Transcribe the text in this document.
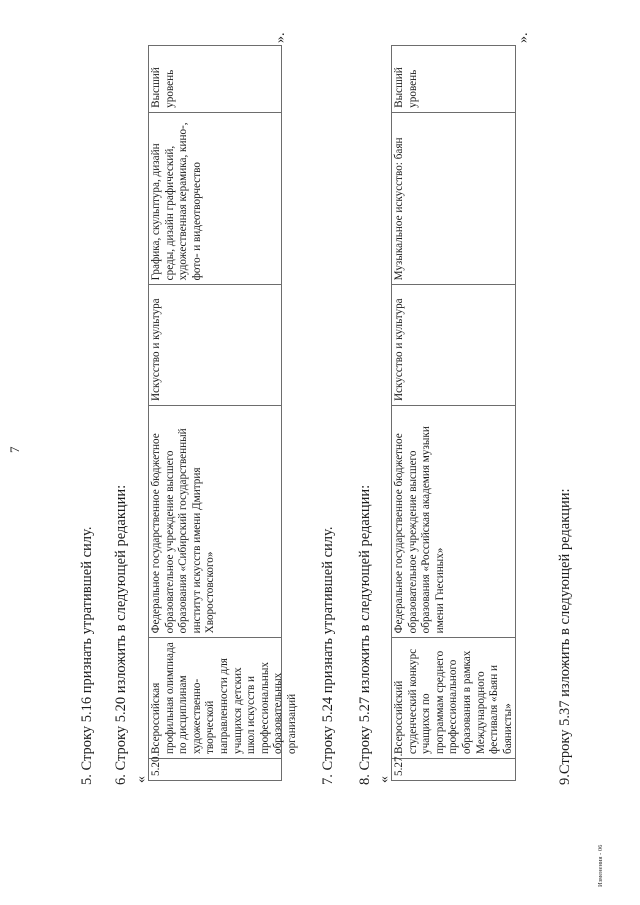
7
5. Строку 5.16 признать утратившей силу. 6. Строку 5.20 изложить в следующей редакции: «
5.20.
Всероссийская профильная олимпиада по дисциплинам художественно-творческой направленности для учащихся детских школ искусств и профессиональных образовательных организаций
Федеральное государственное бюджетное образовательное учреждение высшего образования «Сибирский государственный институт искусств имени Дмитрия Хворостовского»
Искусство и культура
Графика, скульптура, дизайн среды, дизайн графический, художественная керамика, кино-, фото- и видеотворчество
Высший уровень
».
7. Строку 5.24 признать утратившей силу. 8. Строку 5.27 изложить в следующей редакции: «
5.27.
Всероссийский студенческий конкурс учащихся по программам среднего профессионального образования в рамках Международного фестиваля «Баян и баянисты»
Федеральное государственное бюджетное образовательное учреждение высшего образования «Российская академия музыки имени Гнесиных»
Искусство и культура
Музыкальное искусство: баян
Высший уровень
».
9.Строку 5.37 изложить в следующей редакции:
Изменения - 06
